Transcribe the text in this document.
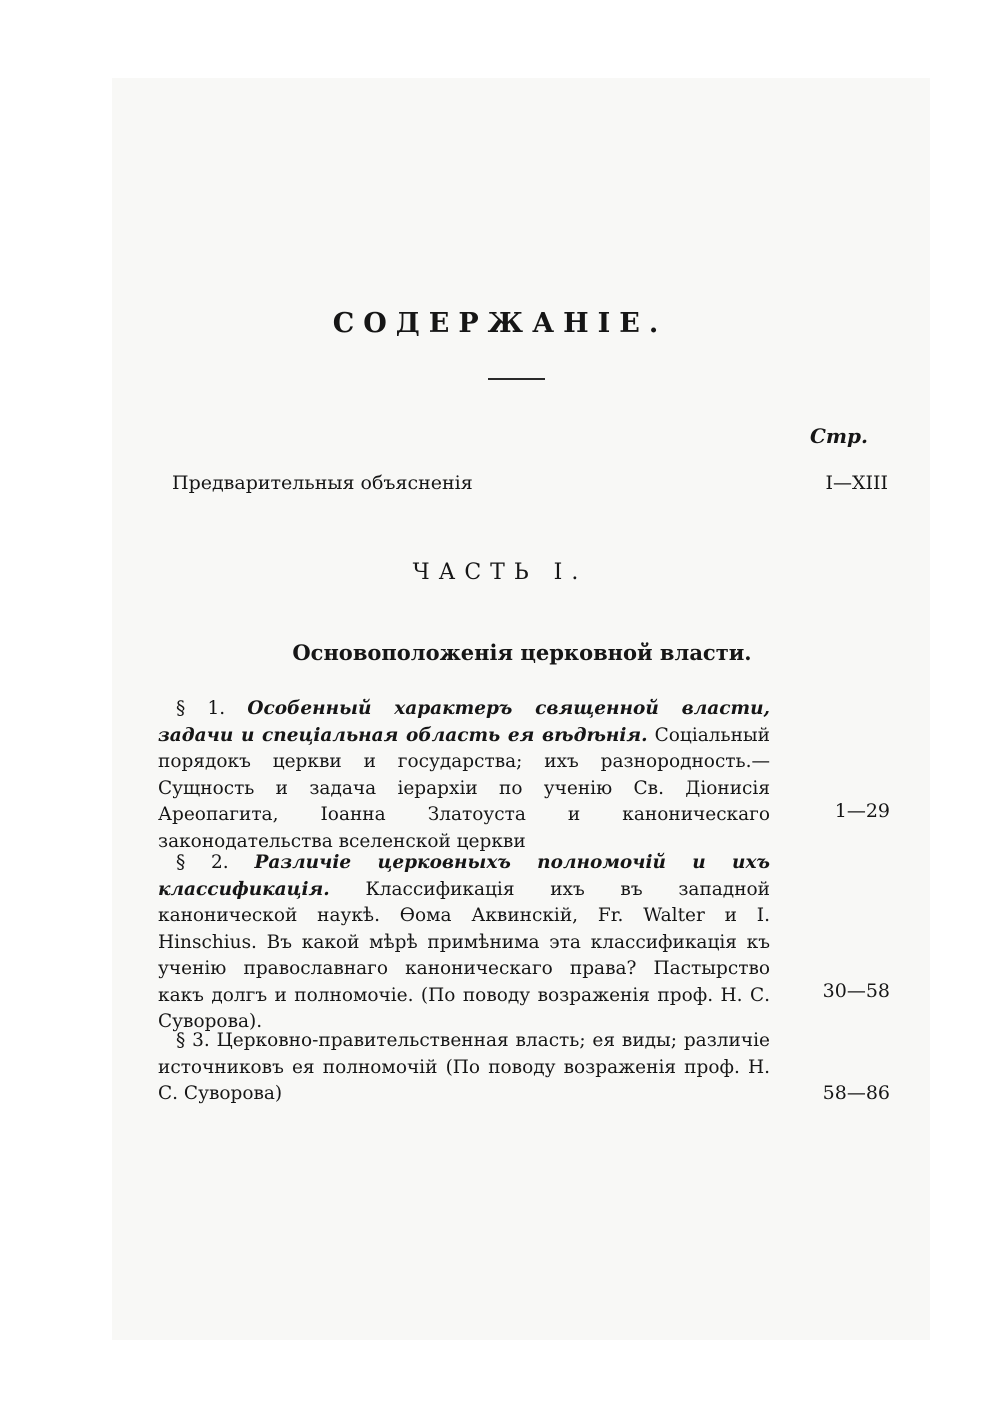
СОДЕРЖАНІЕ.
Стр.
Предварительныя объясненія	I—XIII
ЧАСТЬ I.
Основоположенія церковной власти.
§ 1. Особенный характеръ священной власти, задачи и спеціальная область ея вѣдѣнія. Соціальный порядокъ церкви и государства; ихъ разнородность.—Сущность и задача іерархіи по ученію Св. Діонисія Ареопагита, Іоанна Златоуста и каноническаго законодательства вселенской церкви
1—29
§ 2. Различіе церковныхъ полномочій и ихъ классификація. Классификація ихъ въ западной канонической наукѣ. Ѳома Аквинскій, Fr. Walter и I. Hinschius. Въ какой мѣрѣ примѣнима эта классификація къ ученію православнаго каноническаго права? Пастырство какъ долгъ и полномочіе. (По поводу возраженія проф. Н. С. Суворова).
30—58
§ 3. Церковно-правительственная власть; ея виды; различіе источниковъ ея полномочій (По поводу возраженія проф. Н. С. Суворова)	58—86
